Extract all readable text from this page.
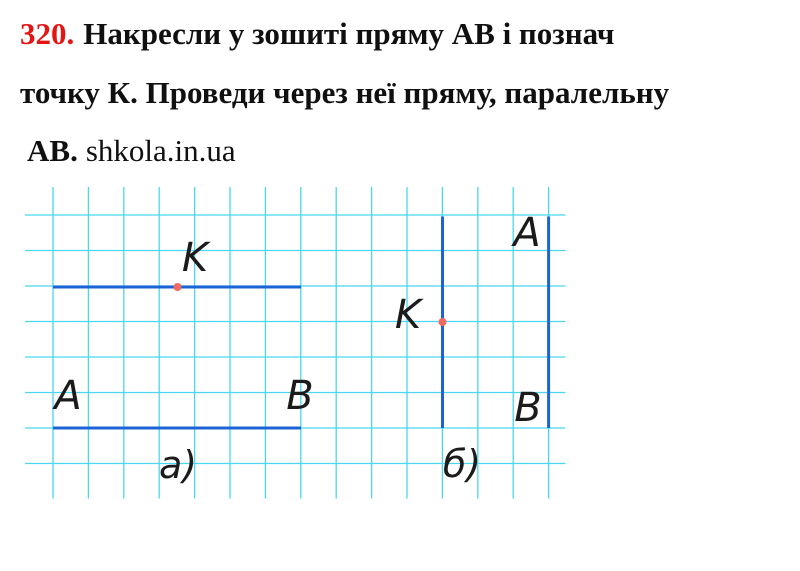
320. Накресли у зошиті пряму АВ і познач
точку К. Проведи через неї пряму, паралельну
АВ. shkola.in.ua
K
A	B
а)
K
A
B
б)
